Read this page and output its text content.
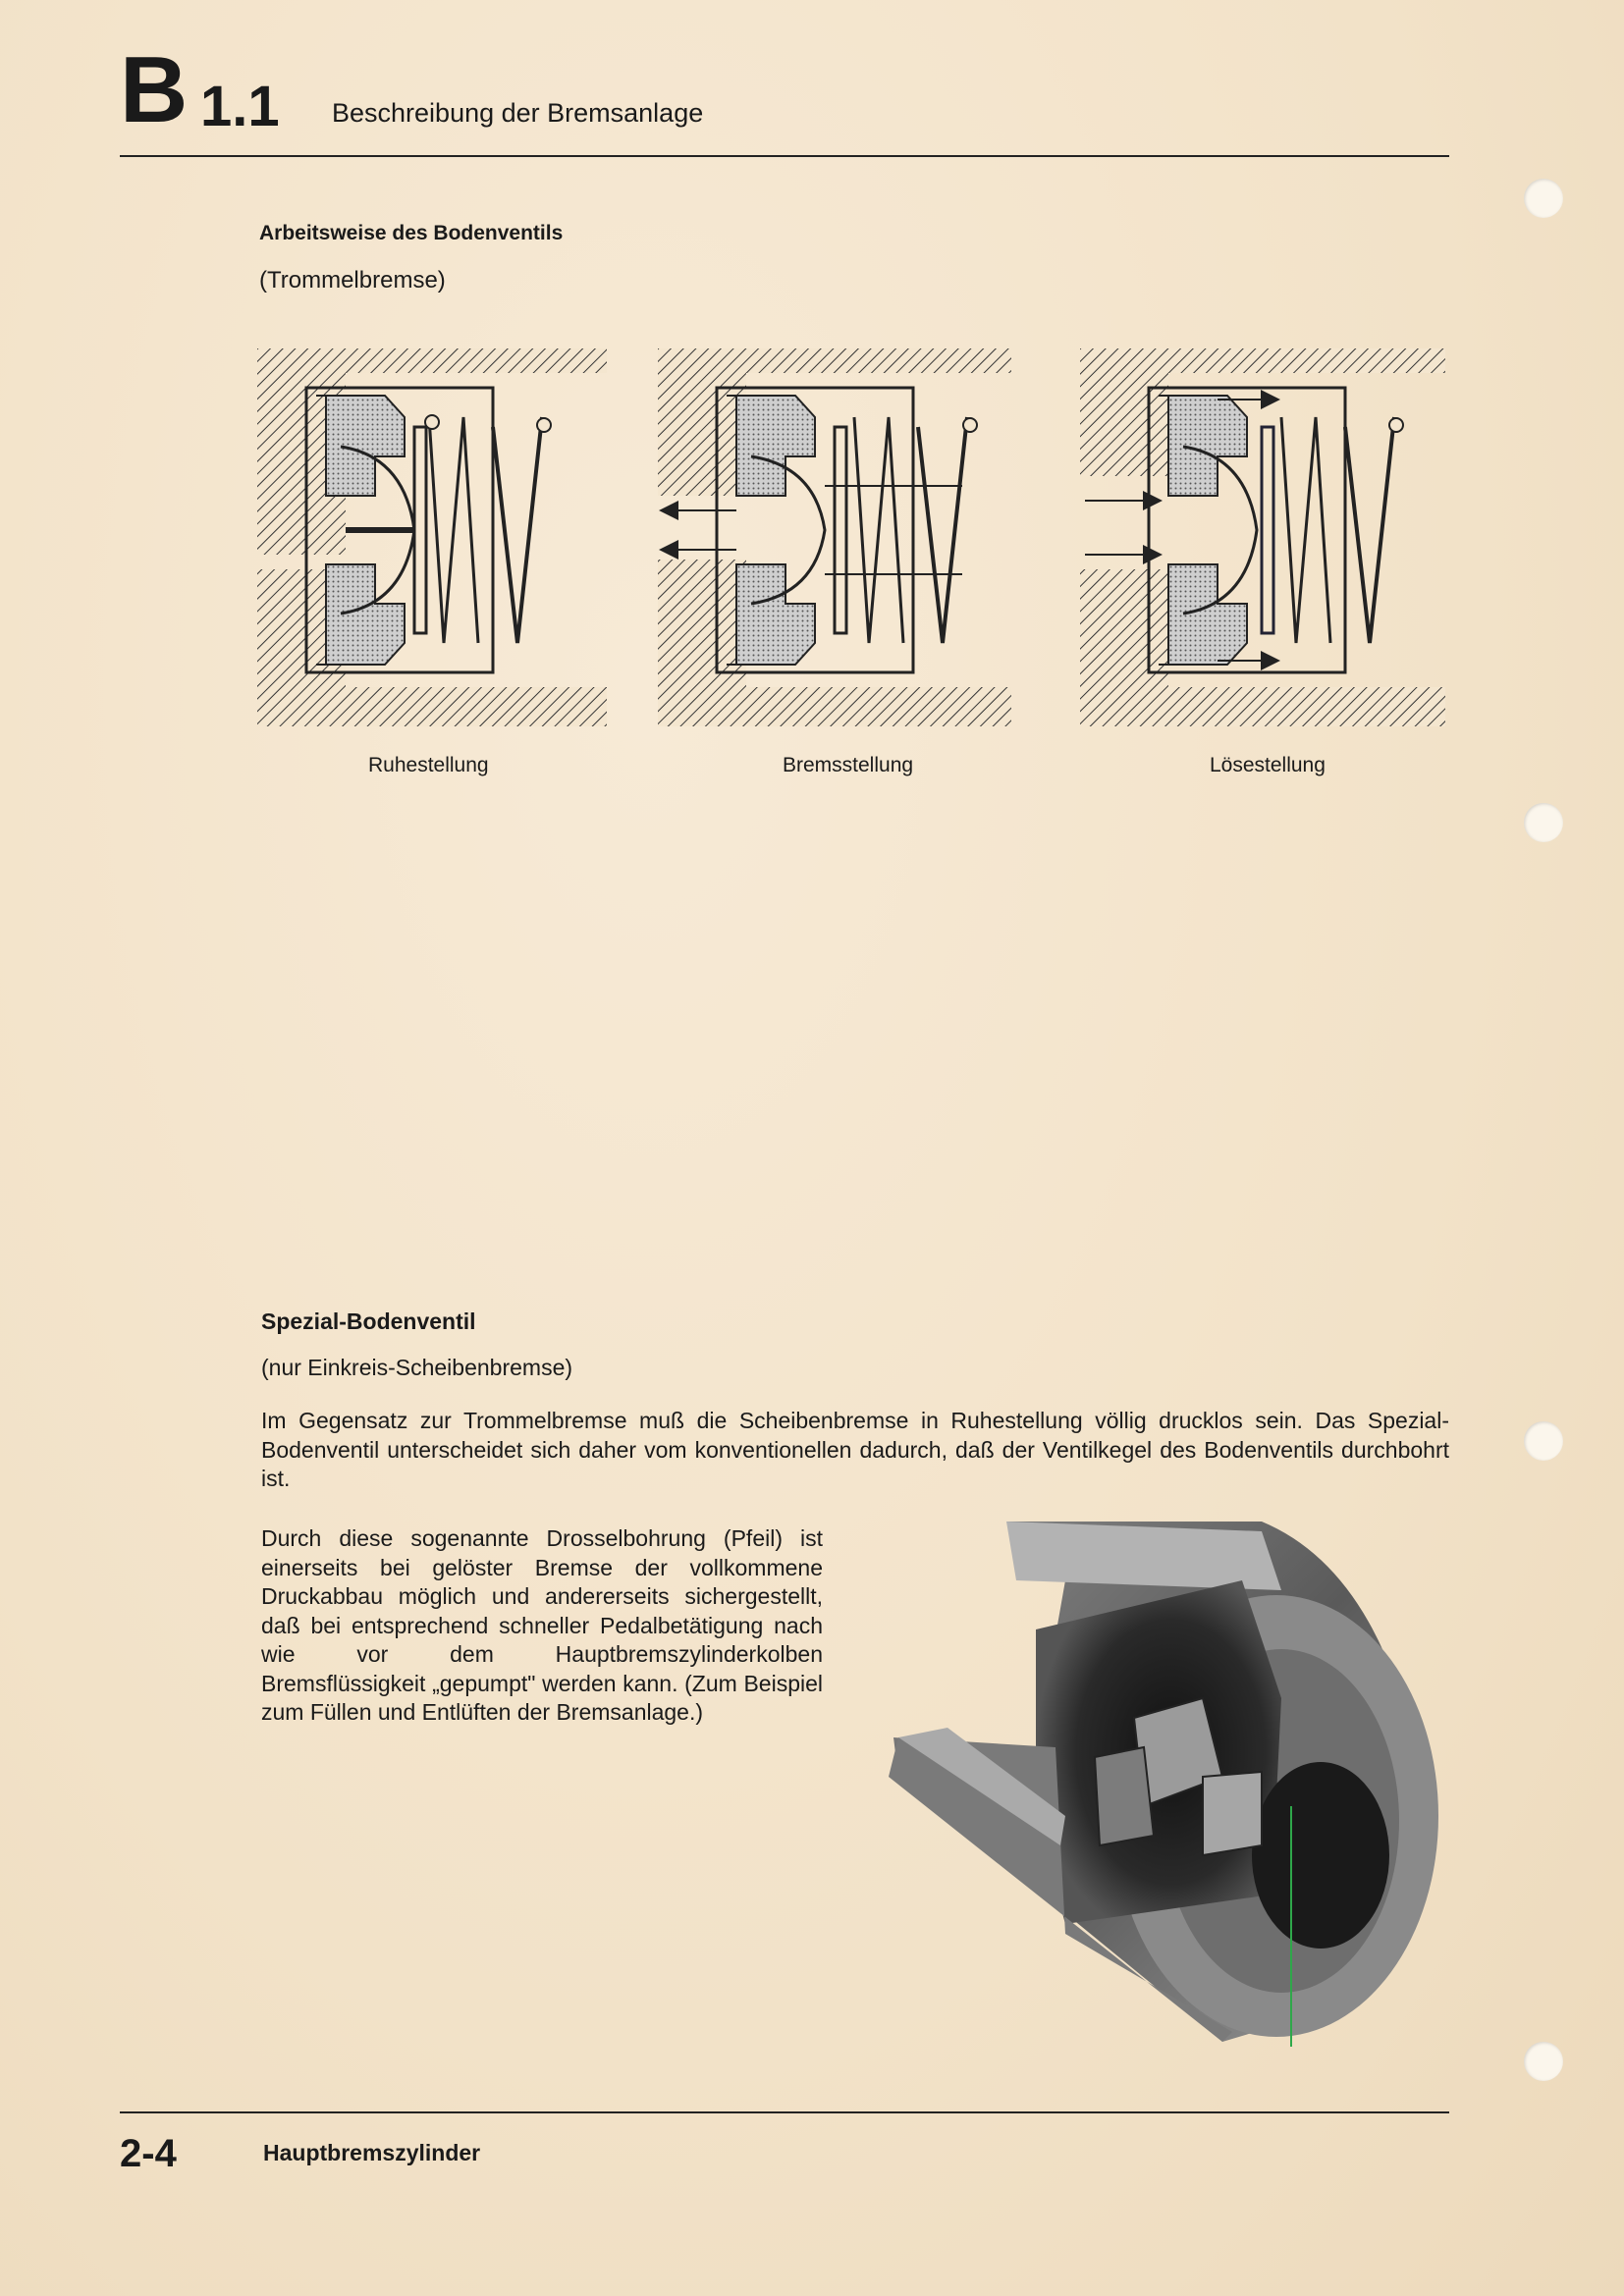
B 1.1 Beschreibung der Bremsanlage
Arbeitsweise des Bodenventils
(Trommelbremse)
Ruhestellung	Bremsstellung	Lösestellung
Spezial-Bodenventil
(nur Einkreis-Scheibenbremse)
Im Gegensatz zur Trommelbremse muß die Scheibenbremse in Ruhestellung völlig drucklos sein. Das Spezial-Bodenventil unterscheidet sich daher vom konventionellen dadurch, daß der Ventilkegel des Bodenventils durchbohrt ist.
Durch diese sogenannte Drosselbohrung (Pfeil) ist einerseits bei gelöster Bremse der vollkommene Druckabbau möglich und andererseits sichergestellt, daß bei entsprechend schneller Pedalbetätigung nach wie vor dem Hauptbremszylinderkolben Bremsflüssigkeit „gepumpt" werden kann. (Zum Beispiel zum Füllen und Entlüften der Bremsanlage.)
2-4	Hauptbremszylinder
